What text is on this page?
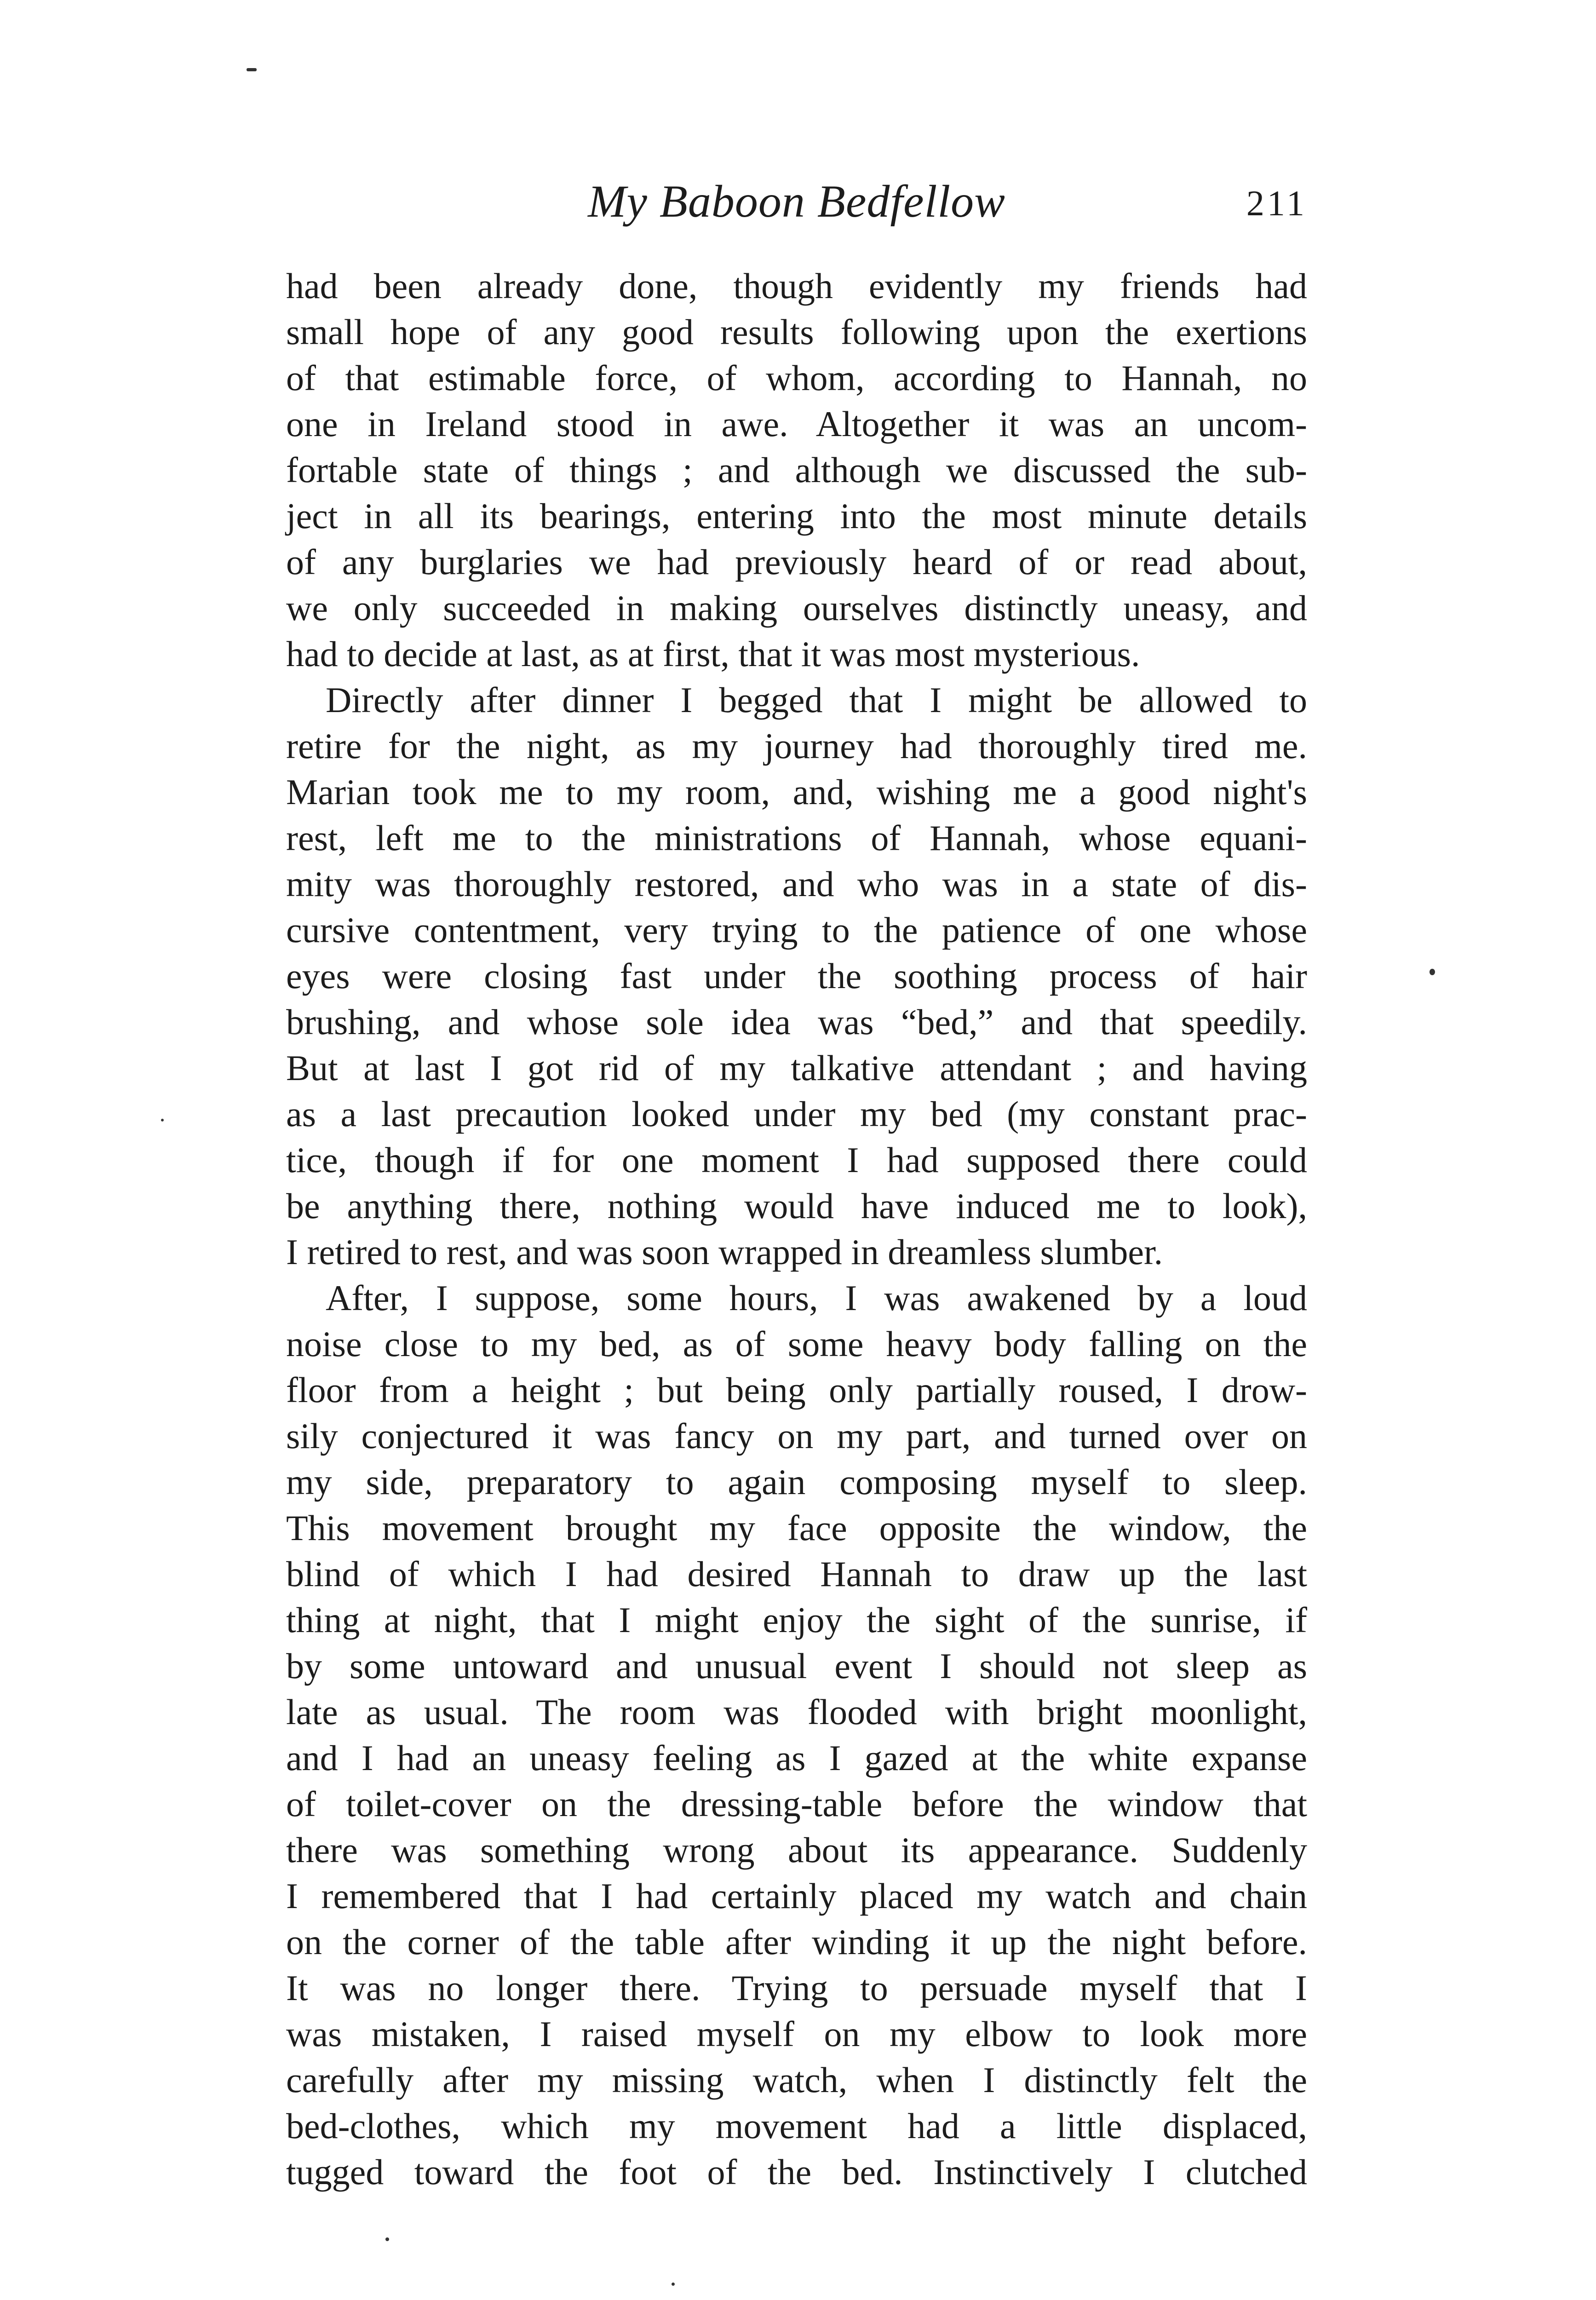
My Baboon Bedfellow	211
had been already done, though evidently my friends had
small hope of any good results following upon the exertions
of that estimable force, of whom, according to Hannah, no
one in Ireland stood in awe. Altogether it was an uncom-
fortable state of things ; and although we discussed the sub-
ject in all its bearings, entering into the most minute details
of any burglaries we had previously heard of or read about,
we only succeeded in making ourselves distinctly uneasy, and
had to decide at last, as at first, that it was most mysterious.
Directly after dinner I begged that I might be allowed to
retire for the night, as my journey had thoroughly tired me.
Marian took me to my room, and, wishing me a good night's
rest, left me to the ministrations of Hannah, whose equani-
mity was thoroughly restored, and who was in a state of dis-
cursive contentment, very trying to the patience of one whose
eyes were closing fast under the soothing process of hair
brushing, and whose sole idea was “bed,” and that speedily.
But at last I got rid of my talkative attendant ; and having
as a last precaution looked under my bed (my constant prac-
tice, though if for one moment I had supposed there could
be anything there, nothing would have induced me to look),
I retired to rest, and was soon wrapped in dreamless slumber.
After, I suppose, some hours, I was awakened by a loud
noise close to my bed, as of some heavy body falling on the
floor from a height ; but being only partially roused, I drow-
sily conjectured it was fancy on my part, and turned over on
my side, preparatory to again composing myself to sleep.
This movement brought my face opposite the window, the
blind of which I had desired Hannah to draw up the last
thing at night, that I might enjoy the sight of the sunrise, if
by some untoward and unusual event I should not sleep as
late as usual. The room was flooded with bright moonlight,
and I had an uneasy feeling as I gazed at the white expanse
of toilet-cover on the dressing-table before the window that
there was something wrong about its appearance. Suddenly
I remembered that I had certainly placed my watch and chain
on the corner of the table after winding it up the night before.
It was no longer there. Trying to persuade myself that I
was mistaken, I raised myself on my elbow to look more
carefully after my missing watch, when I distinctly felt the
bed-clothes, which my movement had a little displaced,
tugged toward the foot of the bed. Instinctively I clutched
